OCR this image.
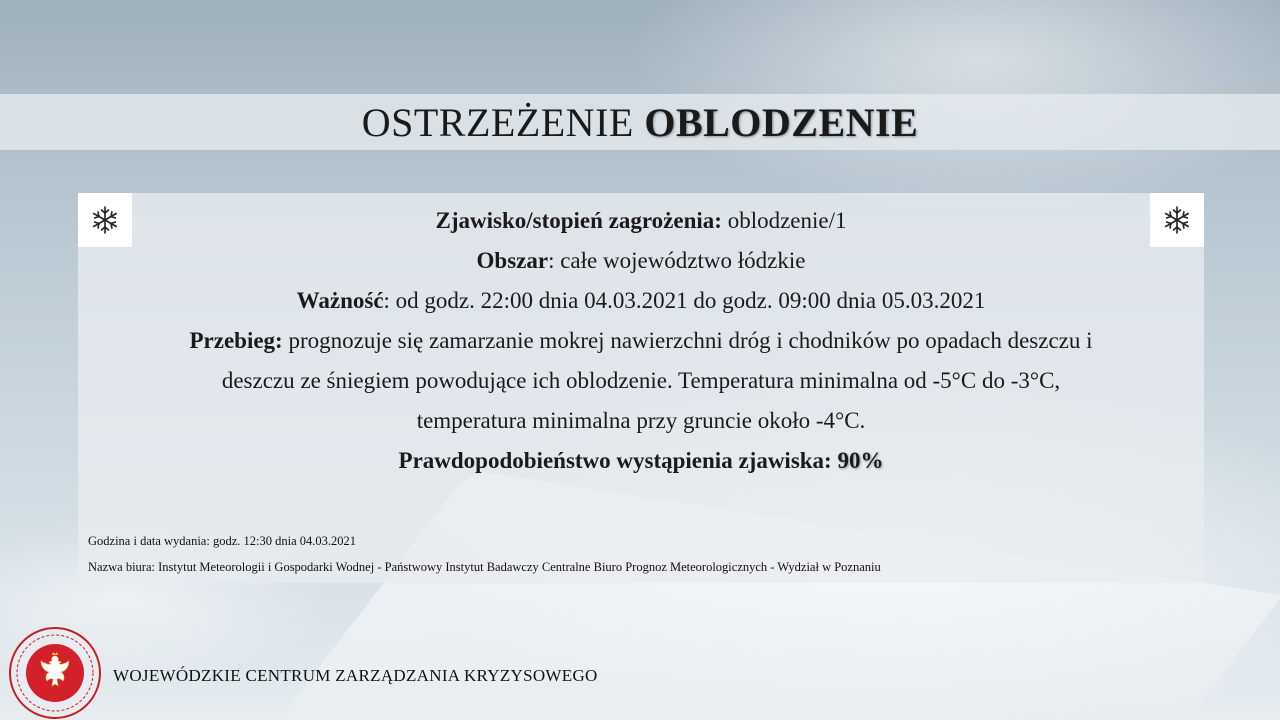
OSTRZEŻENIE OBLODZENIE
Zjawisko/stopień zagrożenia: oblodzenie/1
Obszar: całe województwo łódzkie
Ważność: od godz. 22:00 dnia 04.03.2021 do godz. 09:00 dnia 05.03.2021
Przebieg: prognozuje się zamarzanie mokrej nawierzchni dróg i chodników po opadach deszczu i
deszczu ze śniegiem powodujące ich oblodzenie. Temperatura minimalna od -5°C do -3°C,
temperatura minimalna przy gruncie około -4°C.
Prawdopodobieństwo wystąpienia zjawiska: 90%
Godzina i data wydania: godz. 12:30 dnia 04.03.2021
Nazwa biura: Instytut Meteorologii i Gospodarki Wodnej - Państwowy Instytut Badawczy Centralne Biuro Prognoz Meteorologicznych - Wydział w Poznaniu
WOJEWÓDZKIE CENTRUM ZARZĄDZANIA KRYZYSOWEGO
